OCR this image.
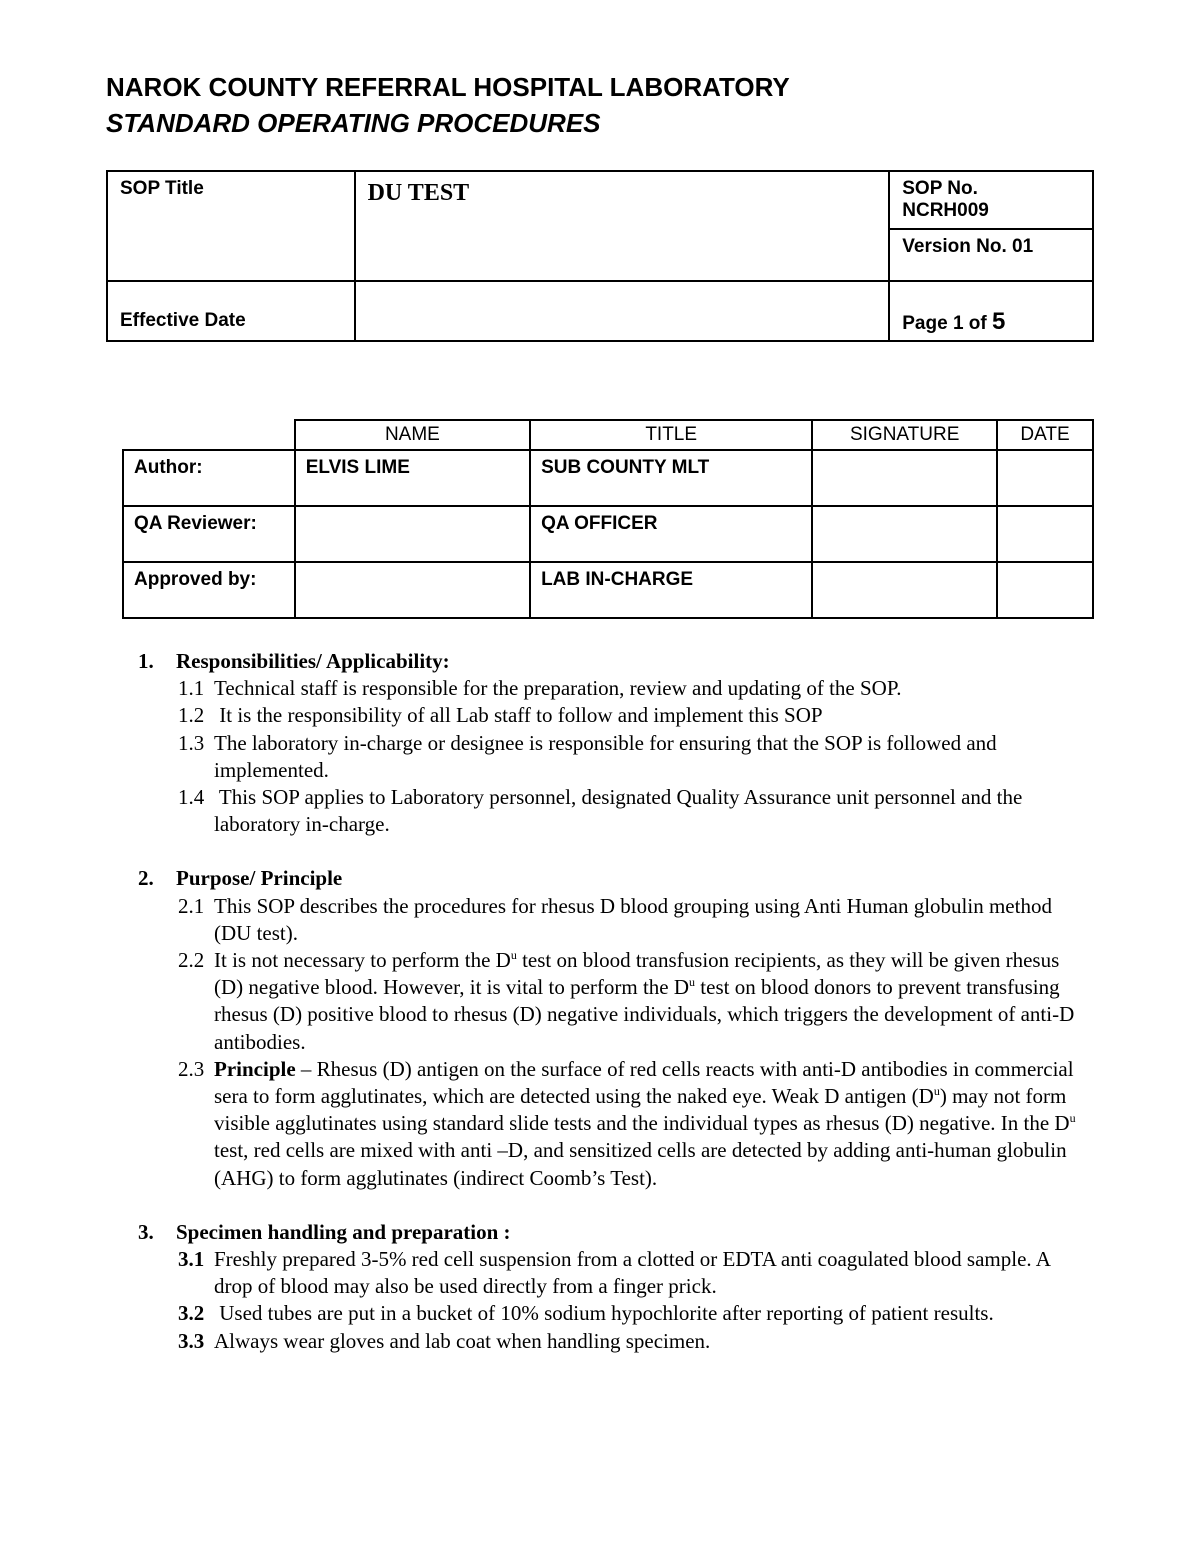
NAROK COUNTY REFERRAL HOSPITAL LABORATORY
STANDARD OPERATING PROCEDURES
SOP Title	DU TEST	SOP No.
NCRH009

		Version No. 01
Effective Date		Page 1 of 5
	NAME	TITLE	SIGNATURE	DATE
Author:	ELVIS LIME	SUB COUNTY MLT		
QA Reviewer:		QA OFFICER		
Approved by:		LAB IN-CHARGE		
1. Responsibilities/ Applicability:
1.1 Technical staff is responsible for the preparation, review and updating of the SOP.
1.2 It is the responsibility of all Lab staff to follow and implement this SOP
1.3 The laboratory in-charge or designee is responsible for ensuring that the SOP is followed and implemented.
1.4 This SOP applies to Laboratory personnel, designated Quality Assurance unit personnel and the laboratory in-charge.
2. Purpose/ Principle
2.1 This SOP describes the procedures for rhesus D blood grouping using Anti Human globulin method (DU test).
2.2 It is not necessary to perform the $D^u$ test on blood transfusion recipients, as they will be given rhesus (D) negative blood. However, it is vital to perform the $D^u$ test on blood donors to prevent transfusing rhesus (D) positive blood to rhesus (D) negative individuals, which triggers the development of anti-D antibodies.
2.3 Principle – Rhesus (D) antigen on the surface of red cells reacts with anti-D antibodies in commercial sera to form agglutinates, which are detected using the naked eye. Weak D antigen $(D^u)$ may not form visible agglutinates using standard slide tests and the individual types as rhesus (D) negative. In the $D^u$ test, red cells are mixed with anti –D, and sensitized cells are detected by adding anti-human globulin (AHG) to form agglutinates (indirect Coomb’s Test).
3. Specimen handling and preparation :
3.1 Freshly prepared 3-5% red cell suspension from a clotted or EDTA anti coagulated blood sample. A drop of blood may also be used directly from a finger prick.
3.2 Used tubes are put in a bucket of 10% sodium hypochlorite after reporting of patient results.
3.3 Always wear gloves and lab coat when handling specimen.
